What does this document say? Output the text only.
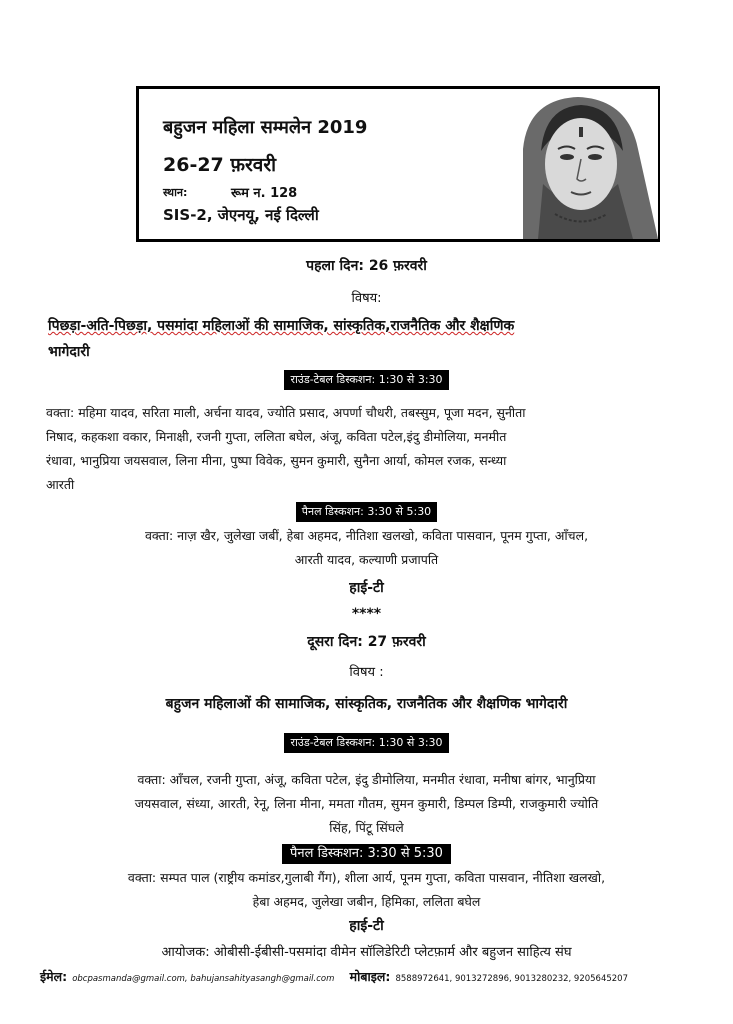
बहुजन महिला सम्मलेन 2019
26-27 फ़रवरी
स्थान:	रूम न. 128
SIS-2, जेएनयू, नई दिल्ली
पहला दिन: 26 फ़रवरी
विषय:
पिछड़ा-अति-पिछड़ा, पसमांदा महिलाओं की सामाजिक, सांस्कृतिक,राजनैतिक और शैक्षणिक
भागेदारी
राउंड-टेबल डिस्कशन: 1:30 से 3:30
वक्ता: महिमा यादव, सरिता माली, अर्चना यादव, ज्योति प्रसाद, अपर्णा चौधरी, तबस्सुम, पूजा मदन, सुनीता
निषाद, कहकशा वकार, मिनाक्षी, रजनी गुप्ता, ललिता बघेल, अंजू, कविता पटेल,इंदु डीमोलिया, मनमीत
रंधावा, भानुप्रिया जयसवाल, लिना मीना, पुष्पा विवेक, सुमन कुमारी, सुनैना आर्या, कोमल रजक, सन्ध्या
आरती
पैनल डिस्कशन: 3:30 से 5:30
वक्ता: नाज़ खैर, जुलेखा जबीं, हेबा अहमद, नीतिशा खलखो, कविता पासवान, पूनम गुप्ता, आँचल,
आरती यादव, कल्याणी प्रजापति
हाई-टी
****
दूसरा दिन: 27 फ़रवरी
विषय :
बहुजन महिलाओं की सामाजिक, सांस्कृतिक, राजनैतिक और शैक्षणिक भागेदारी
राउंड-टेबल डिस्कशन: 1:30 से 3:30
वक्ता: आँचल, रजनी गुप्ता, अंजू, कविता पटेल, इंदु डीमोलिया, मनमीत रंधावा, मनीषा बांगर, भानुप्रिया
जयसवाल, संध्या, आरती, रेनू, लिना मीना, ममता गौतम, सुमन कुमारी, डिम्पल डिम्पी, राजकुमारी ज्योति
सिंह, पिंटू सिंघले
पैनल डिस्कशन: 3:30 से 5:30
वक्ता: सम्पत पाल (राष्ट्रीय कमांडर,गुलाबी गैंग), शीला आर्य, पूनम गुप्ता, कविता पासवान, नीतिशा खलखो,
हेबा अहमद, जुलेखा जबीन, हिमिका, ललिता बघेल
हाई-टी
आयोजक: ओबीसी-ईबीसी-पसमांदा वीमेन सॉलिडेरिटी प्लेटफ़ार्म और बहुजन साहित्य संघ
ईमेल: obcpasmanda@gmail.com, bahujansahityasangh@gmail.com मोबाइल: 8588972641, 9013272896, 9013280232, 9205645207
